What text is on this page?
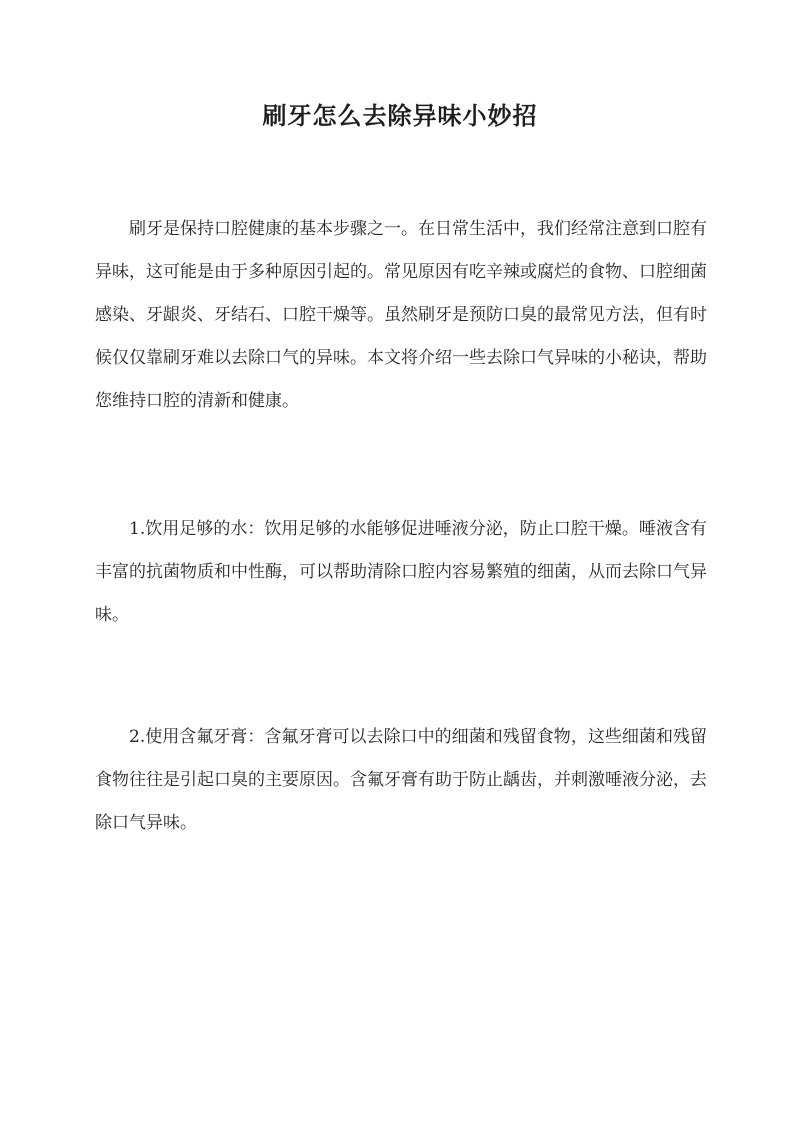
刷牙怎么去除异味小妙招

刷牙是保持口腔健康的基本步骤之一。在日常生活中，我们经常注意到口腔有异味，这可能是由于多种原因引起的。常见原因有吃辛辣或腐烂的食物、口腔细菌感染、牙龈炎、牙结石、口腔干燥等。虽然刷牙是预防口臭的最常见方法，但有时候仅仅靠刷牙难以去除口气的异味。本文将介绍一些去除口气异味的小秘诀，帮助您维持口腔的清新和健康。

1.饮用足够的水：饮用足够的水能够促进唾液分泌，防止口腔干燥。唾液含有丰富的抗菌物质和中性酶，可以帮助清除口腔内容易繁殖的细菌，从而去除口气异味。

2.使用含氟牙膏：含氟牙膏可以去除口中的细菌和残留食物，这些细菌和残留食物往往是引起口臭的主要原因。含氟牙膏有助于防止龋齿，并刺激唾液分泌，去除口气异味。
